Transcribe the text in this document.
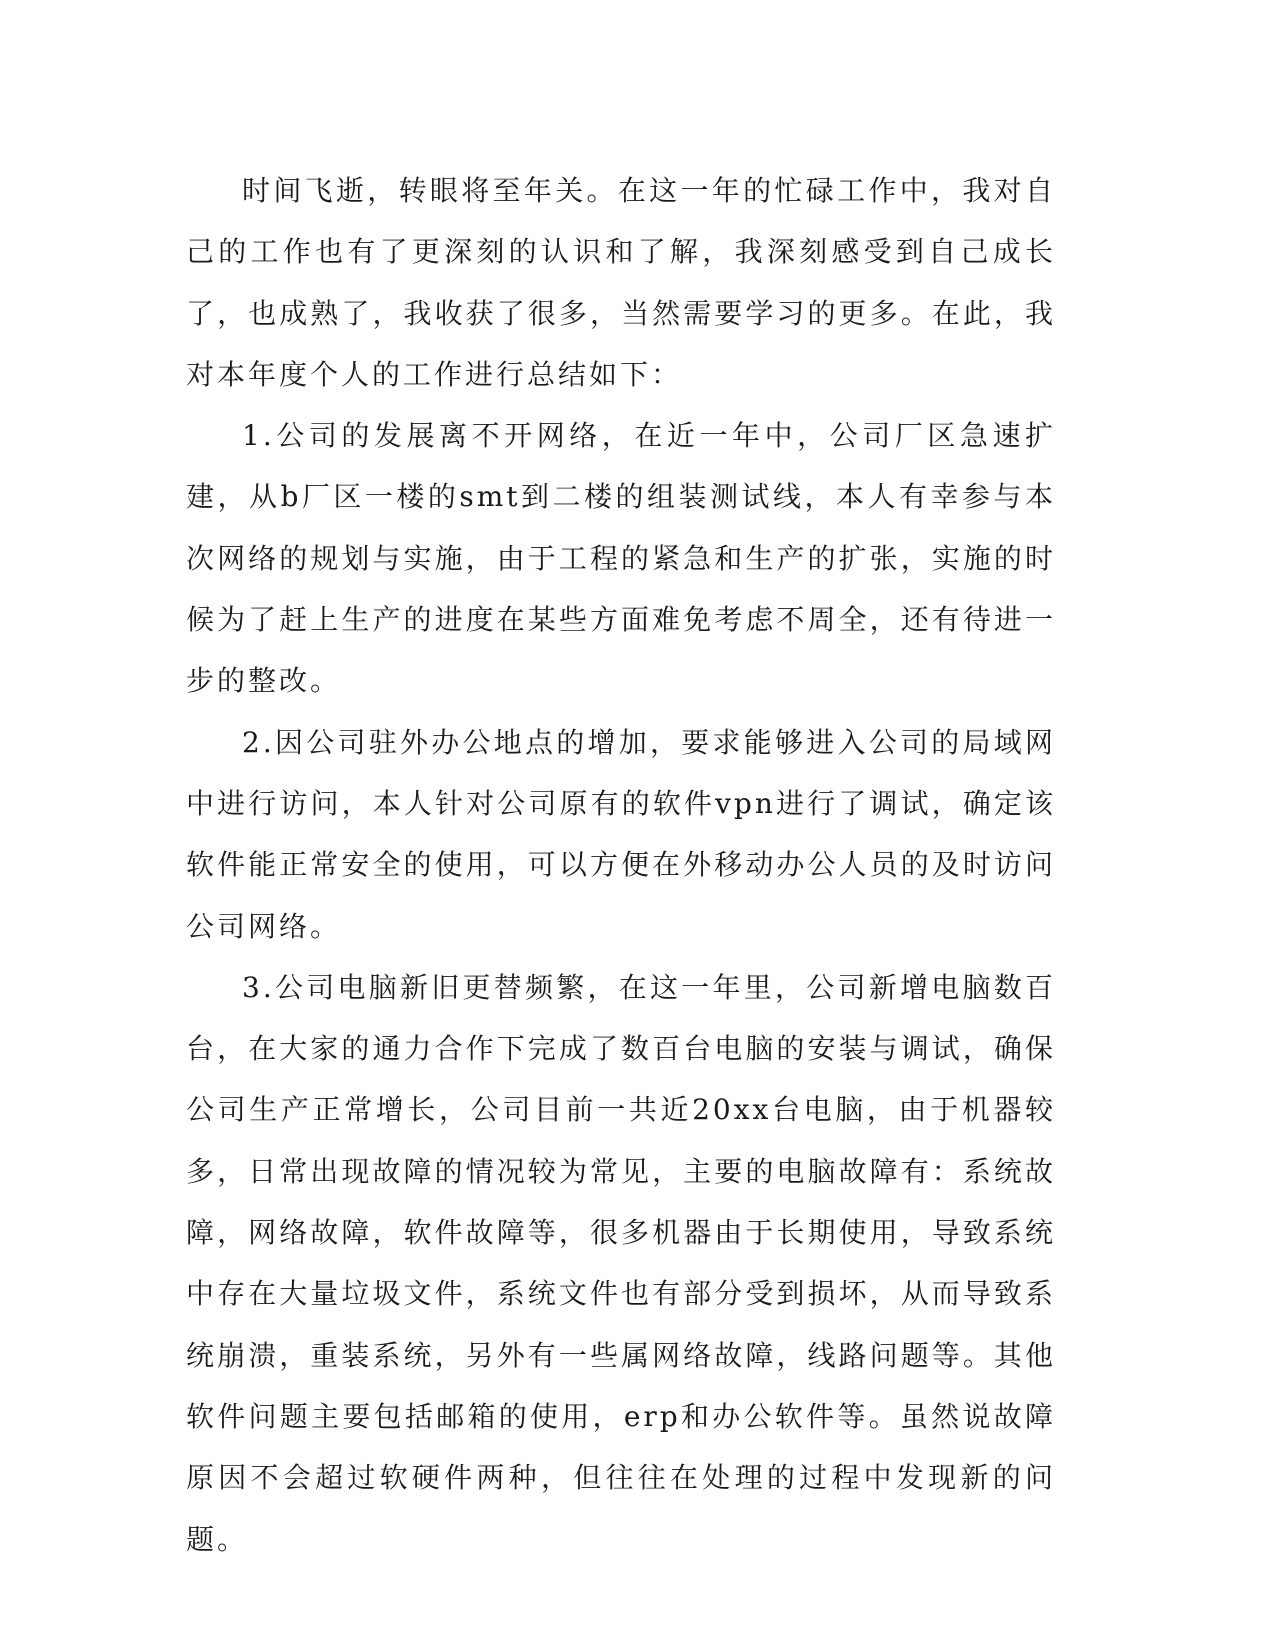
时间飞逝，转眼将至年关。在这一年的忙碌工作中，我对自己的工作也有了更深刻的认识和了解，我深刻感受到自己成长了，也成熟了，我收获了很多，当然需要学习的更多。在此，我对本年度个人的工作进行总结如下：

1.公司的发展离不开网络，在近一年中，公司厂区急速扩建，从b厂区一楼的smt到二楼的组装测试线，本人有幸参与本次网络的规划与实施，由于工程的紧急和生产的扩张，实施的时候为了赶上生产的进度在某些方面难免考虑不周全，还有待进一步的整改。

2.因公司驻外办公地点的增加，要求能够进入公司的局域网中进行访问，本人针对公司原有的软件vpn进行了调试，确定该软件能正常安全的使用，可以方便在外移动办公人员的及时访问公司网络。

3.公司电脑新旧更替频繁，在这一年里，公司新增电脑数百台，在大家的通力合作下完成了数百台电脑的安装与调试，确保公司生产正常增长，公司目前一共近20xx台电脑，由于机器较多，日常出现故障的情况较为常见，主要的电脑故障有：系统故障，网络故障，软件故障等，很多机器由于长期使用，导致系统中存在大量垃圾文件，系统文件也有部分受到损坏，从而导致系统崩溃，重装系统，另外有一些属网络故障，线路问题等。其他软件问题主要包括邮箱的使用，erp和办公软件等。虽然说故障原因不会超过软硬件两种，但往往在处理的过程中发现新的问题。
